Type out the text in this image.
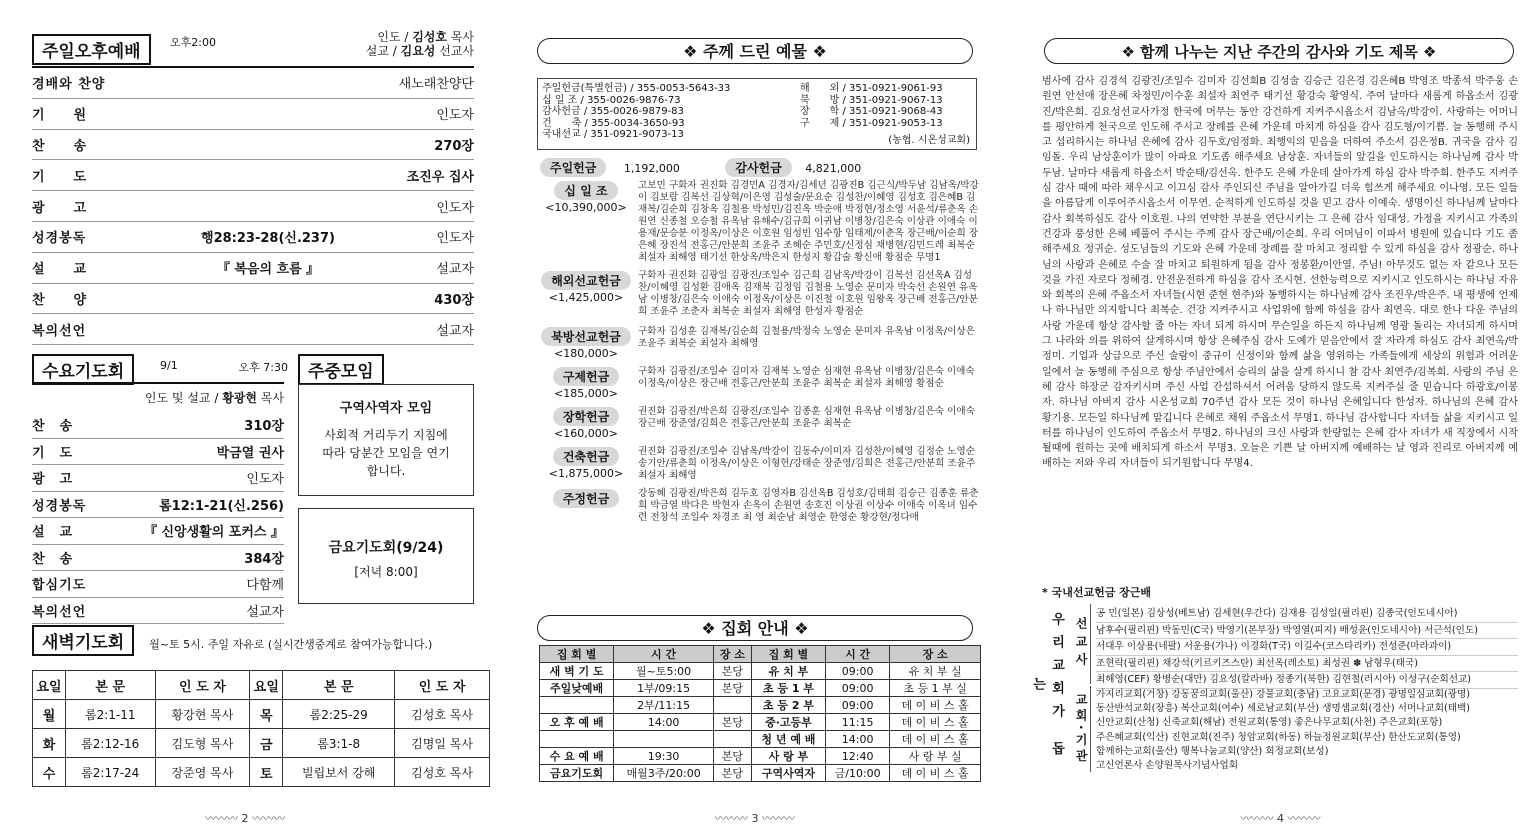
주일오후예배	오후2:00	인도 / 김성호 목사
설교 / 김요성 선교사
경배와 찬양	새노래찬양단
기　　원	인도자
찬　　송	270장
기　　도	조진우 집사
광　　고	인도자
성경봉독	행28:23-28(신.237)	인도자
설　　교	『 복음의 흐름 』	설교자
찬　　양	430장
복의선언	설교자
수요기도회	9/1	오후 7:30
인도 및 설교 / 황광현 목사
찬　송	310장
기　도	박금열 권사
광　고	인도자
성경봉독	롬12:1-21(신.256)
설　교	『 신앙생활의 포커스 』
찬　송	384장
합심기도	다함께
복의선언	설교자
주중모임
구역사역자 모임
사회적 거리두기 지침에 따라 당분간 모임을 연기합니다.
금요기도회(9/24)
[저녁 8:00]
새벽기도회 월~토 5시. 주일 자유로 (실시간생중계로 참여가능합니다.)
요일	본 문	인 도 자	요일	본 문	인 도 자
월	롬2:1-11	황강현 목사	목	롬2:25-29	김성호 목사
화	롬2:12-16	김도형 목사	금	롬3:1-8	김명일 목사
수	롬2:17-24	장준영 목사	토	빌립보서 강해	김성호 목사
〰〰〰 2 〰〰〰
❖ 주께 드린 예물 ❖
주일헌금(특별헌금) / 355-0053-5643-33
십 일 조 / 355-0026-9876-73
감사헌금 / 355-0026-9879-83
건　　축 / 355-0034-3650-93
국내선교 / 351-0921-9073-13
해　　외 / 351-0921-9061-93
북　　방 / 351-0921-9067-13
장　　학 / 351-0921-9068-43
구　　제 / 351-0921-9053-13
(농협. 시온성교회)
주일헌금	1,192,000	감사헌금 4,821,000
십 일 조
<10,390,000>
고보민 구화자 권진화 김경민A 김경자/김세년 김광진B 김근식/박두남 김남옥/박강이 김보람 김복선 김상혁/이은영 김성술/문요순 김성찬/이혜영 김성호 김은혜B 김재복/김순희 김창옥 김철용 박성민/김진옥 박순애 박정현/정소영 서윤석/류춘옥 손원연 신종철 오승철 유옥남 유해수/김규희 이귀남 이병창/김은숙 이상관 이애숙 이용재/문승분 이정옥/이상은 이호원 임성빈 임수항 임태제/이춘옥 장근배/이순희 장은혜 장진석 전홍근/안분희 조윤주 조혜순 주민호/신정심 채병현/김민드레 최복순 최설자 최해영 태기선 한상옥/박은지 한성지 황갑술 황신애 황점순 무명1
해외선교헌금
<1,425,000>
구화자 권진화 김광일 김광진/조일수 김근희 김남옥/박강이 김복선 김선옥A 김성찬/이혜영 김성환 김애옥 김재복 김정임 김철용 노영순 문미자 박숙선 손원연 유옥남 이병창/김은숙 이애숙 이정옥/이상은 이진철 이호원 임왕옥 장근배 전홍근/안분희 조윤주 조춘자 최복순 최설자 최해영 한성자 황점순
북방선교헌금
<180,000>
구화자 김성훈 김재복/김순희 김철용/박정숙 노영순 문미자 유옥남 이정옥/이상은 조윤주 최복순 최설자 최해영
구제헌금
<185,000>
구화자 김광진/조일수 김미자 김재복 노영순 심재현 유옥남 이병창/김은숙 이애숙 이정옥/이상은 장근배 전홍근/안분희 조윤주 최복순 최설자 최해영 황점순
장학헌금
<160,000>
권진화 김광진/박은희 김광진/조일수 김종훈 심재현 유옥남 이병창/김은숙 이애숙 장근배 장준영/김희은 전홍근/안분희 조윤주 최복순
건축헌금
<1,875,000>
권진화 김광진/조일수 김남옥/박강이 김동수/이미자 김성찬/이혜영 김정순 노영순 송기안/류춘희 이정옥/이상은 이형헌/강태순 장준영/김희은 전홍근/안분희 조윤주 최설자 최해영
주정헌금	강동혜 김광진/박은희 김두호 김영자B 김선옥B 김성호/김태희 김승근 김종훈 류춘희 박금열 박다은 박현자 손옥이 손원연 송호진 이상권 이상수 이애숙 이옥녀 임수련 전창석 조일수 차경조 최 영 최순남 최영순 한영순 황강현/정다애
❖ 집회 안내 ❖
집 회 별	시 간	장 소	집 회 별	시 간	장 소
새 벽 기 도	월~토5:00	본당	유 치 부	09:00	유 치 부 실
주일낮예배	1부/09:15	본당	초 등 1 부	09:00	초 등 1 부 실
	2부/11:15		초 등 2 부	09:00	데 이 비 스 홀
오 후 예 배	14:00	본당	중·고등부	11:15	데 이 비 스 홀
			청 년 예 배	14:00	데 이 비 스 홀
수 요 예 배	19:30	본당	사 랑 부	12:40	사 랑 부 실
금요기도회	매월3주/20:00	본당	구역사역자	금/10:00	데 이 비 스 홀
〰〰〰 3 〰〰〰
❖ 함께 나누는 지난 주간의 감사와 기도 제목 ❖
범사에 감사 김경석 김광진/조일수 김미자 김선희B 김성술 김승근 김은경 김은혜B 박영조 박종석 박주웅 손원연 안선애 장은혜 차정민/이수훈 최설자 최연주 태기선 황강숙 황영식. 주여 날마다 새롭게 하옵소서 김광진/박은희. 김요성선교사가정 한국에 머무는 동안 강건하게 지켜주시옵소서 김남옥/박강이. 사랑하는 어머니를 평안하게 천국으로 인도해 주시고 장례를 은혜 가운데 마치게 하심을 감사 김도형/이기쁨. 늘 동행해 주시고 섭리하시는 하나님 은혜에 감사 김두호/임정화. 최행익의 믿음을 더하여 주소서 김은정B. 귀국을 감사 김임돌. 우리 남상훈이가 많이 아파요 기도좀 해주세요 남상훈. 자녀들의 앞길을 인도하시는 하나님께 감사 박두남. 날마다 새롭게 하옵소서 박순태/김선옥. 한주도 은혜 가운데 살아가게 하심 감사 박주희. 한주도 지켜주심 감사 때에 따라 채우시고 이끄심 감사 주인되신 주님을 알아가길 더욱 힘쓰게 해주세요 이나영. 모든 일들을 아름답게 이루어주시옵소서 이무연. 순적하게 인도하실 것을 믿고 감사 이예숙. 생명이신 하나님께 날마다 감사 회복하심도 감사 이호원. 나의 연약한 부분을 연단시키는 그 은혜 감사 임대성. 가정을 지키시고 가족의 건강과 풍성한 은혜 베풀어 주시는 주께 감사 장근배/이순희. 우리 어머님이 이파서 병원에 있습니다 기도 좀 해주세요 정귀순. 성도님들의 기도와 은혜 가운데 장례를 잘 마치고 정리할 수 있게 하심을 감사 정광순. 하나님의 사랑과 은혜로 수술 잘 마치고 퇴원하게 됨을 감사 정봉환/이안열. 주님! 아무것도 없는 자 같으나 모든 것을 가진 자로다 정혜경. 안전운전하게 하심을 감사 조시현. 선한능력으로 지키시고 인도하시는 하나님 자유와 회복의 은혜 주옵소서 자녀들(시현 준현 현주)와 동행하시는 하나님께 감사 조진우/박은주. 내 평생에 언제나 하나님만 의지합니다 최복순. 건강 지켜주시고 사업위에 함께 하심을 감사 최연옥. 대로 한나 다운 주님의 사랑 가운데 항상 감사할 줄 아는 자녀 되게 하시며 무슨일을 하든지 하나님께 영광 돌리는 자녀되게 하시며 그 나라와 의를 위하여 살게하시며 항상 은혜주심 감사 도예가 믿음안에서 잘 자라게 하심도 감사 최연옥/박정미. 기업과 상급으로 주신 술람이 중규이 신정이와 함께 삶을 영위하는 가족들에게 세상의 위험과 어려운 일에서 늘 동행해 주심으로 항상 주님안에서 승리의 삶을 살게 하시니 참 감사 최연주/김복희. 사랑의 주님 은혜 감사 하장군 감자키시며 주신 사업 간섭하셔서 어려움 당하지 않도록 지켜주실 줄 믿습니다 하광호/이봉자. 하나님 아버지 감사 시온성교회 70주년 감사 모든 것이 하나님 은혜입니다 한성자. 하나님의 은혜 감사 황기용. 모든일 하나님께 맡깁니다 은혜로 채워 주옵소서 무명1. 하나님 감사합니다 자녀들 삶을 지키시고 일터를 하나님이 인도하여 주옵소서 무명2. 하나님의 크신 사랑과 한량없는 은혜 감사 자녀가 새 직장에서 시작될때에 원하는 곳에 배치되게 하소서 무명3. 오늘은 기쁜 날 아버지께 예배하는 날 영과 진리로 아버지께 예배하는 저와 우리 자녀들이 되기원합니다 무명4.
* 국내선교헌금 장근배
우리교회가 돕는
선교사
공 민(일본) 김상성(베트남) 김세현(우간다) 김재용 김성일(필리핀) 김종국(인도네시아)
남후수(필리핀) 박동민(C국) 박영기(본부장) 박영열(피지) 배성윤(인도네시아) 서근석(인도)
서대우 이상용(네팔) 서운용(가나) 이경화(T국) 이길수(코스타리카) 전성준(마라과이)
조현락(필리핀) 채강석(키르키즈스탄) 최선옥(레소토) 최성권 ✽ 남형우(태국)
최해영(CEF) 황병순(대만) 김요성(칼라바) 정종기(북한) 김현철(러시아) 이성구(순회선교)
교회·기관 가지리교회(거창) 강동꿈의교회(울산) 강물교회(충남) 고요교회(문경) 광명일심교회(광명)
동산반석교회(장흥) 복산교회(여수) 세로남교회(부산) 생명샘교회(경산) 서머나교회(태백)
신안교회(산청) 신죽교회(해남) 전원교회(통영) 좋은나무교회(사천) 주은교회(포항)
주은혜교회(익산) 진현교회(진주) 청암교회(하동) 하늘정원교회(부산) 한산도교회(통영)
함께하는교회(울산) 행복나눔교회(양산) 회정교회(보성)
고신언론사 손양원목사기념사업회
〰〰〰 4 〰〰〰
